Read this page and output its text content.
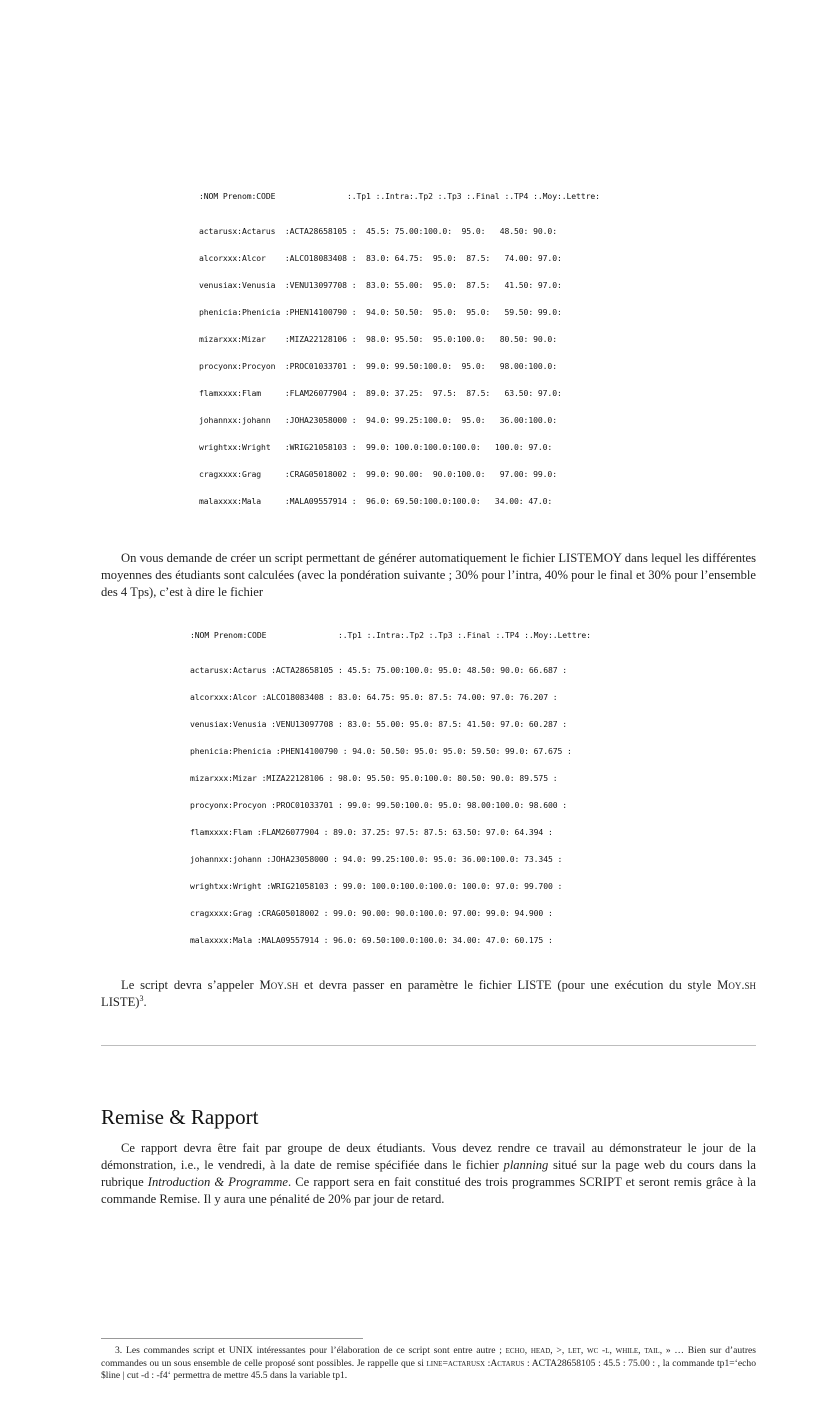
:NOM Prenom:CODE               :.Tp1 :.Intra:.Tp2 :.Tp3 :.Final :.TP4 :.Moy:.Lettre:

actarusx:Actarus  :ACTA28658105 :  45.5: 75.00:100.0:  95.0:   48.50: 90.0:

alcorxxx:Alcor    :ALCO18083408 :  83.0: 64.75:  95.0:  87.5:   74.00: 97.0:

venusiax:Venusia  :VENU13097708 :  83.0: 55.00:  95.0:  87.5:   41.50: 97.0:

phenicia:Phenicia :PHEN14100790 :  94.0: 50.50:  95.0:  95.0:   59.50: 99.0:

mizarxxx:Mizar    :MIZA22128106 :  98.0: 95.50:  95.0:100.0:   80.50: 90.0:

procyonx:Procyon  :PROC01033701 :  99.0: 99.50:100.0:  95.0:   98.00:100.0:

flamxxxx:Flam     :FLAM26077904 :  89.0: 37.25:  97.5:  87.5:   63.50: 97.0:

johannxx:johann   :JOHA23058000 :  94.0: 99.25:100.0:  95.0:   36.00:100.0:

wrightxx:Wright   :WRIG21058103 :  99.0: 100.0:100.0:100.0:   100.0: 97.0:

cragxxxx:Grag     :CRAG05018002 :  99.0: 90.00:  90.0:100.0:   97.00: 99.0:

malaxxxx:Mala     :MALA09557914 :  96.0: 69.50:100.0:100.0:   34.00: 47.0:

On vous demande de créer un script permettant de générer automatiquement le fichier LISTEMOY dans lequel les différentes moyennes des étudiants sont calculées (avec la pondération suivante ; 30% pour l’intra, 40% pour le final et 30% pour l’ensemble des 4 Tps), c’est à dire le fichier

:NOM Prenom:CODE               :.Tp1 :.Intra:.Tp2 :.Tp3 :.Final :.TP4 :.Moy:.Lettre:

actarusx:Actarus :ACTA28658105 : 45.5: 75.00:100.0: 95.0: 48.50: 90.0: 66.687 :

alcorxxx:Alcor :ALCO18083408 : 83.0: 64.75: 95.0: 87.5: 74.00: 97.0: 76.207 :

venusiax:Venusia :VENU13097708 : 83.0: 55.00: 95.0: 87.5: 41.50: 97.0: 60.287 :

phenicia:Phenicia :PHEN14100790 : 94.0: 50.50: 95.0: 95.0: 59.50: 99.0: 67.675 :

mizarxxx:Mizar :MIZA22128106 : 98.0: 95.50: 95.0:100.0: 80.50: 90.0: 89.575 :

procyonx:Procyon :PROC01033701 : 99.0: 99.50:100.0: 95.0: 98.00:100.0: 98.600 :

flamxxxx:Flam :FLAM26077904 : 89.0: 37.25: 97.5: 87.5: 63.50: 97.0: 64.394 :

johannxx:johann :JOHA23058000 : 94.0: 99.25:100.0: 95.0: 36.00:100.0: 73.345 :

wrightxx:Wright :WRIG21058103 : 99.0: 100.0:100.0:100.0: 100.0: 97.0: 99.700 :

cragxxxx:Grag :CRAG05018002 : 99.0: 90.00: 90.0:100.0: 97.00: 99.0: 94.900 :

malaxxxx:Mala :MALA09557914 : 96.0: 69.50:100.0:100.0: 34.00: 47.0: 60.175 :

Le script devra s’appeler Moy.sh et devra passer en paramètre le fichier LISTE (pour une exécution du style Moy.sh LISTE)$^3$.

Remise & Rapport

Ce rapport devra être fait par groupe de deux étudiants. Vous devez rendre ce travail au démonstrateur le jour de la démonstration, i.e., le vendredi, à la date de remise spécifiée dans le fichier planning situé sur la page web du cours dans la rubrique Introduction & Programme. Ce rapport sera en fait constitué des trois programmes SCRIPT et seront remis grâce à la commande Remise. Il y aura une pénalité de 20% par jour de retard.

3. Les commandes script et UNIX intéressantes pour l’élaboration de ce script sont entre autre ; echo, head, >, let, wc -l, while, tail, » … Bien sur d’autres commandes ou un sous ensemble de celle proposé sont possibles. Je rappelle que si line=actarusx :Actarus : ACTA28658105 : 45.5 : 75.00 : , la commande tp1=‘echo $line | cut -d : -f4‘ permettra de mettre 45.5 dans la variable tp1.
